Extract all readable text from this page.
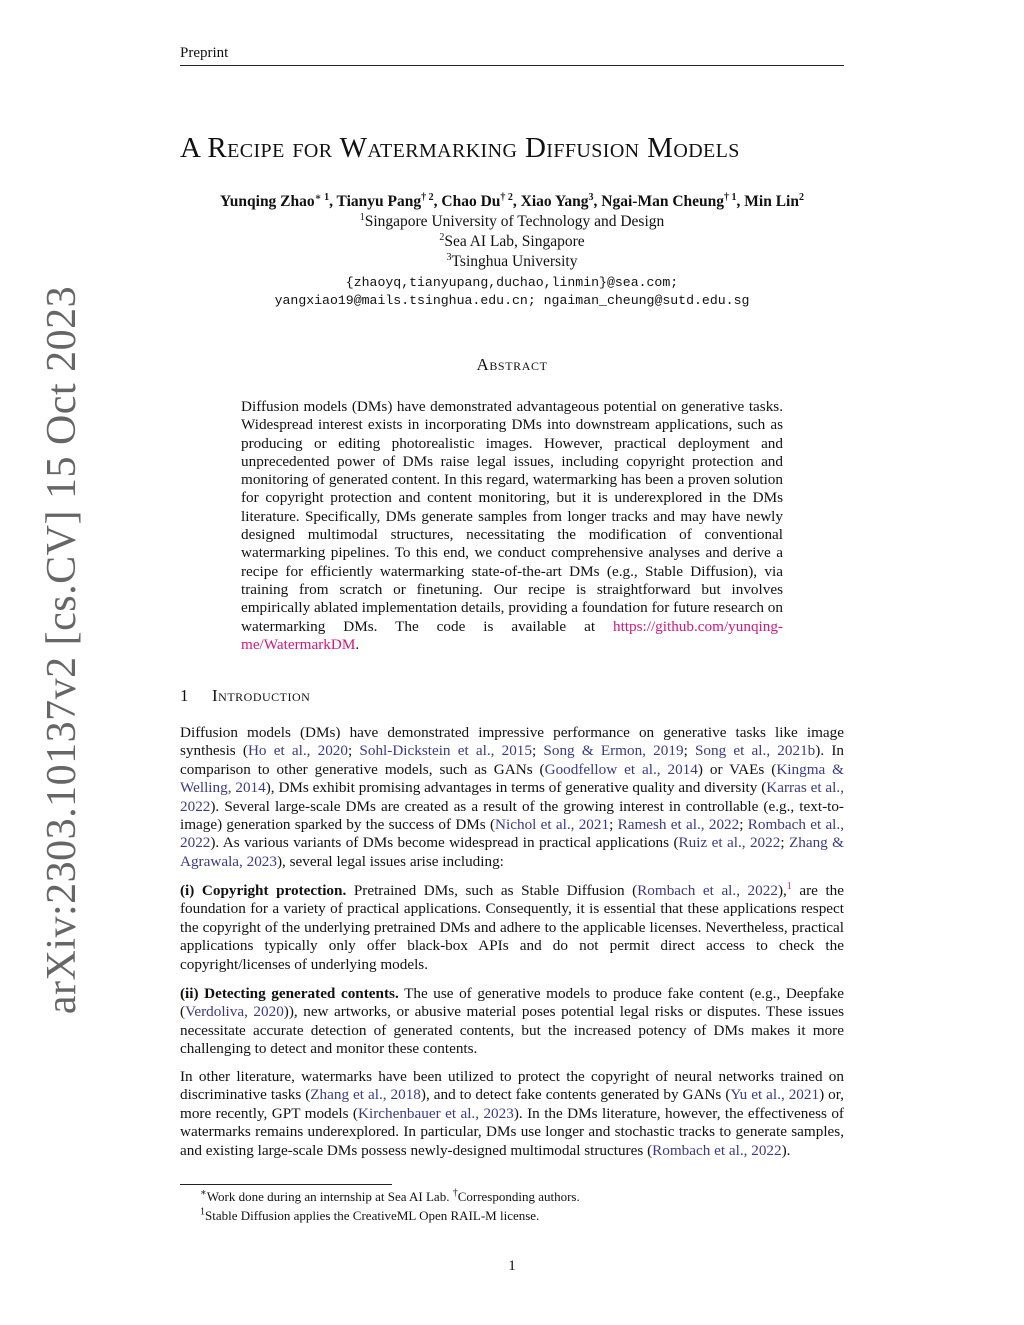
Preprint
arXiv:2303.10137v2 [cs.CV] 15 Oct 2023
A Recipe for Watermarking Diffusion Models
Yunqing Zhao$^{∗ 1}$, Tianyu Pang$^{\dagger 2}$, Chao Du$^{\dagger 2}$, Xiao Yang$^3$, Ngai-Man Cheung$^{\dagger 1}$, Min Lin$^2$
$^1$Singapore University of Technology and Design
$^2$Sea AI Lab, Singapore
$^3$Tsinghua University
{zhaoyq,tianyupang,duchao,linmin}@sea.com;
yangxiao19@mails.tsinghua.edu.cn; ngaiman_cheung@sutd.edu.sg
Abstract
Diffusion models (DMs) have demonstrated advantageous potential on generative tasks. Widespread interest exists in incorporating DMs into downstream applications, such as producing or editing photorealistic images. However, practical deployment and unprecedented power of DMs raise legal issues, including copyright protection and monitoring of generated content. In this regard, watermarking has been a proven solution for copyright protection and content monitoring, but it is underexplored in the DMs literature. Specifically, DMs generate samples from longer tracks and may have newly designed multimodal structures, necessitating the modification of conventional watermarking pipelines. To this end, we conduct comprehensive analyses and derive a recipe for efficiently watermarking state-of-the-art DMs (e.g., Stable Diffusion), via training from scratch or finetuning. Our recipe is straightforward but involves empirically ablated implementation details, providing a foundation for future research on watermarking DMs. The code is available at https://github.com/yunqing-me/WatermarkDM.
1 Introduction

Diffusion models (DMs) have demonstrated impressive performance on generative tasks like image synthesis (Ho et al., 2020; Sohl-Dickstein et al., 2015; Song & Ermon, 2019; Song et al., 2021b). In comparison to other generative models, such as GANs (Goodfellow et al., 2014) or VAEs (Kingma & Welling, 2014), DMs exhibit promising advantages in terms of generative quality and diversity (Karras et al., 2022). Several large-scale DMs are created as a result of the growing interest in controllable (e.g., text-to-image) generation sparked by the success of DMs (Nichol et al., 2021; Ramesh et al., 2022; Rombach et al., 2022). As various variants of DMs become widespread in practical applications (Ruiz et al., 2022; Zhang & Agrawala, 2023), several legal issues arise including:

(i) Copyright protection. Pretrained DMs, such as Stable Diffusion (Rombach et al., 2022),$^1$ are the foundation for a variety of practical applications. Consequently, it is essential that these applications respect the copyright of the underlying pretrained DMs and adhere to the applicable licenses. Nevertheless, practical applications typically only offer black-box APIs and do not permit direct access to check the copyright/licenses of underlying models.

(ii) Detecting generated contents. The use of generative models to produce fake content (e.g., Deepfake (Verdoliva, 2020)), new artworks, or abusive material poses potential legal risks or disputes. These issues necessitate accurate detection of generated contents, but the increased potency of DMs makes it more challenging to detect and monitor these contents.

In other literature, watermarks have been utilized to protect the copyright of neural networks trained on discriminative tasks (Zhang et al., 2018), and to detect fake contents generated by GANs (Yu et al., 2021) or, more recently, GPT models (Kirchenbauer et al., 2023). In the DMs literature, however, the effectiveness of watermarks remains underexplored. In particular, DMs use longer and stochastic tracks to generate samples, and existing large-scale DMs possess newly-designed multimodal structures (Rombach et al., 2022).

∗Work done during an internship at Sea AI Lab. †Corresponding authors.
$^1$Stable Diffusion applies the CreativeML Open RAIL-M license.
1
